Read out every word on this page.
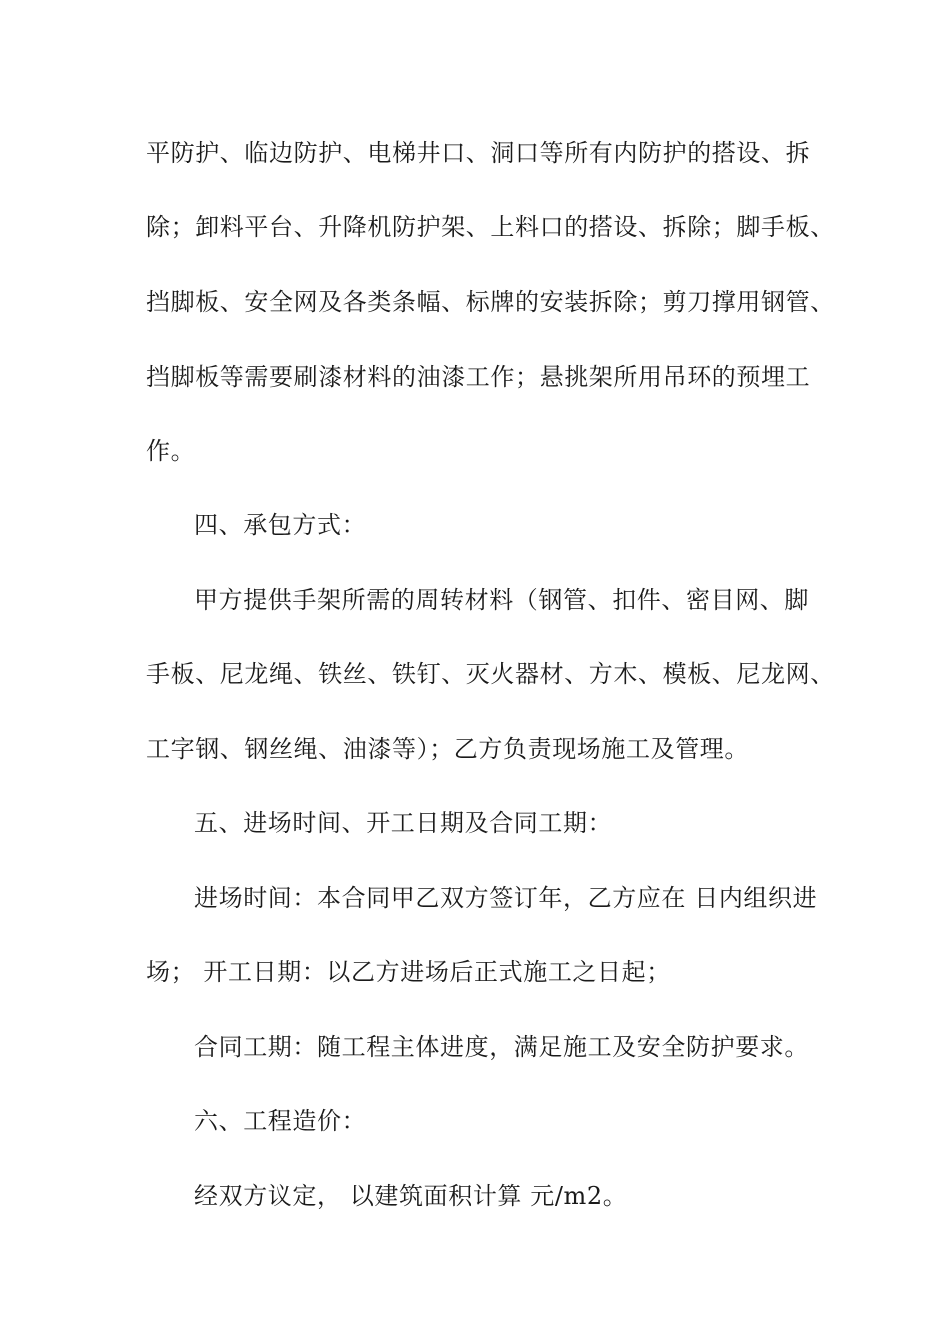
平防护、临边防护、电梯井口、洞口等所有内防护的搭设、拆
除；卸料平台、升降机防护架、上料口的搭设、拆除；脚手板、
挡脚板、安全网及各类条幅、标牌的安装拆除；剪刀撑用钢管、
挡脚板等需要刷漆材料的油漆工作；悬挑架所用吊环的预埋工
作。
四、承包方式：
甲方提供手架所需的周转材料（钢管、扣件、密目网、脚
手板、尼龙绳、铁丝、铁钉、灭火器材、方木、模板、尼龙网、
工字钢、钢丝绳、油漆等）；乙方负责现场施工及管理。
五、进场时间、开工日期及合同工期：
进场时间：本合同甲乙双方签订年，乙方应在 日内组织进
场； 开工日期：以乙方进场后正式施工之日起；
合同工期：随工程主体进度，满足施工及安全防护要求。
六、工程造价：
经双方议定， 以建筑面积计算 元/m2。
